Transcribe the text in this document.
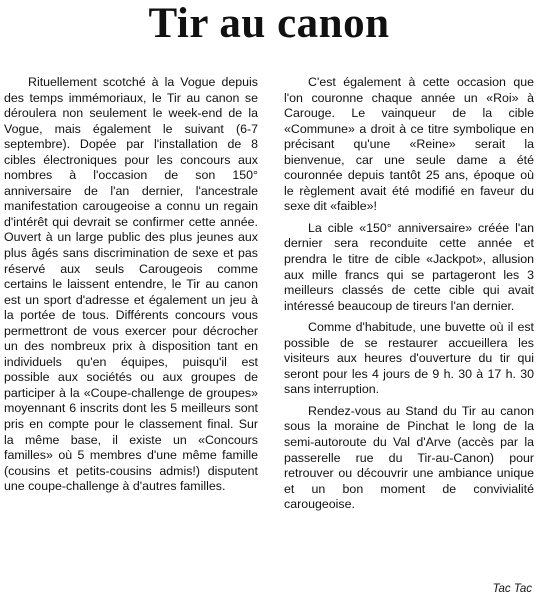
Tir au canon

Rituellement scotché à la Vogue depuis des temps immémoriaux, le Tir au canon se déroulera non seulement le week-end de la Vogue, mais également le suivant (6-7 septembre). Dopée par l'installation de 8 cibles électroniques pour les concours aux nombres à l'occasion de son 150° anniversaire de l'an dernier, l'ancestrale manifestation carougeoise a connu un regain d'intérêt qui devrait se confirmer cette année. Ouvert à un large public des plus jeunes aux plus âgés sans discrimination de sexe et pas réservé aux seuls Carougeois comme certains le laissent entendre, le Tir au canon est un sport d'adresse et également un jeu à la portée de tous. Différents concours vous permettront de vous exercer pour décrocher un des nombreux prix à disposition tant en individuels qu'en équipes, puisqu'il est possible aux sociétés ou aux groupes de participer à la «Coupe-challenge de groupes» moyennant 6 inscrits dont les 5 meilleurs sont pris en compte pour le classement final. Sur la même base, il existe un «Concours familles» où 5 membres d'une même famille (cousins et petits-cousins admis!) disputent une coupe-challenge à d'autres familles.

C'est également à cette occasion que l'on couronne chaque année un «Roi» à Carouge. Le vainqueur de la cible «Commune» a droit à ce titre symbolique en précisant qu'une «Reine» serait la bienvenue, car une seule dame a été couronnée depuis tantôt 25 ans, époque où le règlement avait été modifié en faveur du sexe dit «faible»!

La cible «150° anniversaire» créée l'an dernier sera reconduite cette année et prendra le titre de cible «Jackpot», allusion aux mille francs qui se partageront les 3 meilleurs classés de cette cible qui avait intéressé beaucoup de tireurs l'an dernier.

Comme d'habitude, une buvette où il est possible de se restaurer accueillera les visiteurs aux heures d'ouverture du tir qui seront pour les 4 jours de 9 h. 30 à 17 h. 30 sans interruption.

Rendez-vous au Stand du Tir au canon sous la moraine de Pinchat le long de la semi-autoroute du Val d'Arve (accès par la passerelle rue du Tir-au-Canon) pour retrouver ou découvrir une ambiance unique et un bon moment de convivialité carougeoise.

Tac Tac
